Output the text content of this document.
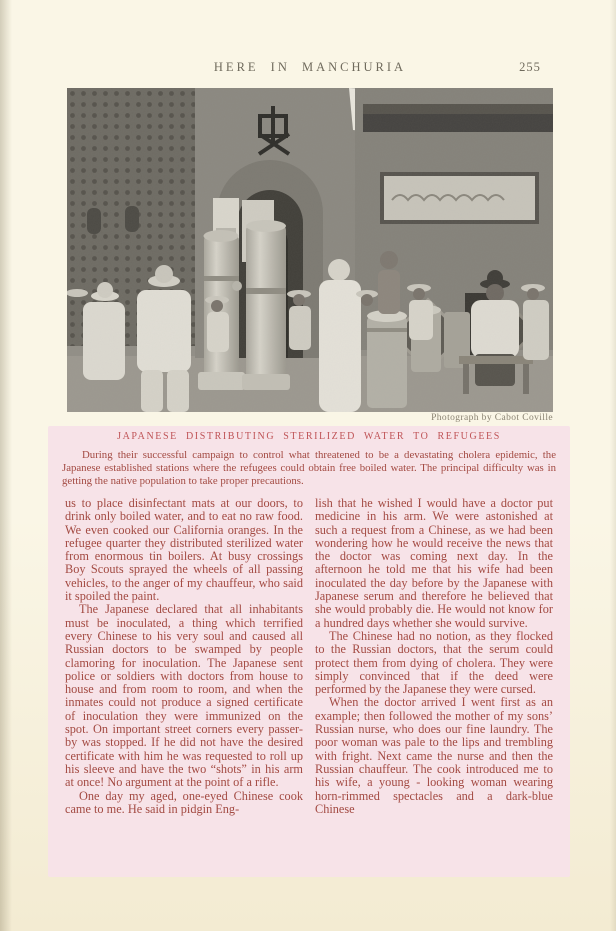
HERE IN MANCHURIA	255
Photograph by Cabot Coville
JAPANESE DISTRIBUTING STERILIZED WATER TO REFUGEES
During their successful campaign to control what threatened to be a devastating cholera epidemic, the Japanese established stations where the refugees could obtain free boiled water. The principal difficulty was in getting the native population to take proper precautions.

us to place disinfectant mats at our doors, to drink only boiled water, and to eat no raw food. We even cooked our California oranges. In the refugee quarter they distributed sterilized water from enormous tin boilers. At busy crossings Boy Scouts sprayed the wheels of all passing vehicles, to the anger of my chauffeur, who said it spoiled the paint.

The Japanese declared that all inhabitants must be inoculated, a thing which terrified every Chinese to his very soul and caused all Russian doctors to be swamped by people clamoring for inoculation. The Japanese sent police or soldiers with doctors from house to house and from room to room, and when the inmates could not produce a signed certificate of inoculation they were immunized on the spot. On important street corners every passer-by was stopped. If he did not have the desired certificate with him he was requested to roll up his sleeve and have the two “shots” in his arm at once! No argument at the point of a rifle.

One day my aged, one-eyed Chinese cook came to me. He said in pidgin Eng-

lish that he wished I would have a doctor put medicine in his arm. We were astonished at such a request from a Chinese, as we had been wondering how he would receive the news that the doctor was coming next day. In the afternoon he told me that his wife had been inoculated the day before by the Japanese with Japanese serum and therefore he believed that she would probably die. He would not know for a hundred days whether she would survive.

The Chinese had no notion, as they flocked to the Russian doctors, that the serum could protect them from dying of cholera. They were simply convinced that if the deed were performed by the Japanese they were cursed.

When the doctor arrived I went first as an example; then followed the mother of my sons’ Russian nurse, who does our fine laundry. The poor woman was pale to the lips and trembling with fright. Next came the nurse and then the Russian chauffeur. The cook introduced me to his wife, a young - looking woman wearing horn-rimmed spectacles and a dark-blue Chinese
